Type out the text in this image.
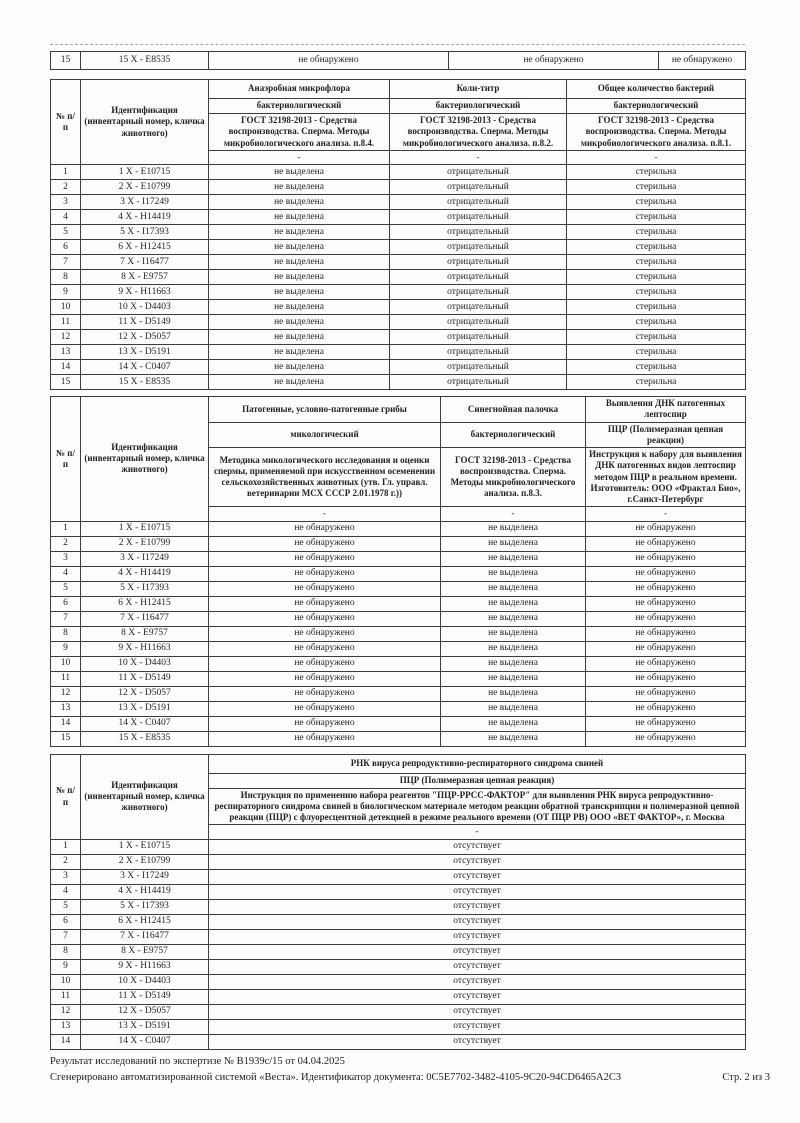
15	15 X - E8535	не обнаружено	не обнаружено	не обнаружено
№ п/п	Идентификация (инвентарный номер, кличка животного)	Анаэробная микрофлора	Коли-титр	Общее количество бактерий
		бактериологический	бактериологический	бактериологический
		ГОСТ 32198-2013 - Средства воспроизводства. Сперма. Методы микробиологического анализа. п.8.4.	ГОСТ 32198-2013 - Средства воспроизводства. Сперма. Методы микробиологического анализа. п.8.2.	ГОСТ 32198-2013 - Средства воспроизводства. Сперма. Методы микробиологического анализа. п.8.1.
		-	-	-
1	1 X - E10715	не выделена	отрицательный	стерильна
2	2 X - E10799	не выделена	отрицательный	стерильна
3	3 X - I17249	не выделена	отрицательный	стерильна
4	4 X - H14419	не выделена	отрицательный	стерильна
5	5 X - I17393	не выделена	отрицательный	стерильна
6	6 X - H12415	не выделена	отрицательный	стерильна
7	7 X - I16477	не выделена	отрицательный	стерильна
8	8 X - E9757	не выделена	отрицательный	стерильна
9	9 X - H11663	не выделена	отрицательный	стерильна
10	10 X - D4403	не выделена	отрицательный	стерильна
11	11 X - D5149	не выделена	отрицательный	стерильна
12	12 X - D5057	не выделена	отрицательный	стерильна
13	13 X - D5191	не выделена	отрицательный	стерильна
14	14 X - C0407	не выделена	отрицательный	стерильна
15	15 X - E8535	не выделена	отрицательный	стерильна
№ п/п	Идентификация (инвентарный номер, кличка животного)	Патогенные, условно-патогенные грибы	Синегнойная палочка	Выявления ДНК патогенных лептоспир
		микологический	бактериологический	ПЦР (Полимеразная цепная реакция)
		Методика микологического исследования и оценки спермы, применяемой при искусственном осеменении сельскохозяйственных животных (утв. Гл. управл. ветеринарии МСХ СССР 2.01.1978 г.))	ГОСТ 32198-2013 - Средства воспроизводства. Сперма. Методы микробиологического анализа. п.8.3.	Инструкция к набору для выявления ДНК патогенных видов лептоспир методом ПЦР в реальном времени. Изготовитель: ООО «Фрактал Био», г.Санкт-Петербург
		-	-	-
1	1 X - E10715	не обнаружено	не выделена	не обнаружено
2	2 X - E10799	не обнаружено	не выделена	не обнаружено
3	3 X - I17249	не обнаружено	не выделена	не обнаружено
4	4 X - H14419	не обнаружено	не выделена	не обнаружено
5	5 X - I17393	не обнаружено	не выделена	не обнаружено
6	6 X - H12415	не обнаружено	не выделена	не обнаружено
7	7 X - I16477	не обнаружено	не выделена	не обнаружено
8	8 X - E9757	не обнаружено	не выделена	не обнаружено
9	9 X - H11663	не обнаружено	не выделена	не обнаружено
10	10 X - D4403	не обнаружено	не выделена	не обнаружено
11	11 X - D5149	не обнаружено	не выделена	не обнаружено
12	12 X - D5057	не обнаружено	не выделена	не обнаружено
13	13 X - D5191	не обнаружено	не выделена	не обнаружено
14	14 X - C0407	не обнаружено	не выделена	не обнаружено
15	15 X - E8535	не обнаружено	не выделена	не обнаружено
№ п/п	Идентификация (инвентарный номер, кличка животного)	РНК вируса репродуктивно-респираторного синдрома свиней
		ПЦР (Полимеразная цепная реакция)
		Инструкция по применению набора реагентов "ПЦР-РРСС-ФАКТОР" для выявления РНК вируса репродуктивно-респираторного синдрома свиней в биологическом материале методом реакции обратной транскрипции и полимеразной цепной реакции (ПЦР) с флуоресцентной детекцией в режиме реального времени (ОТ ПЦР РВ) ООО «ВЕТ ФАКТОР», г. Москва
		-
1	1 X - E10715	отсутствует
2	2 X - E10799	отсутствует
3	3 X - I17249	отсутствует
4	4 X - H14419	отсутствует
5	5 X - I17393	отсутствует
6	6 X - H12415	отсутствует
7	7 X - I16477	отсутствует
8	8 X - E9757	отсутствует
9	9 X - H11663	отсутствует
10	10 X - D4403	отсутствует
11	11 X - D5149	отсутствует
12	12 X - D5057	отсутствует
13	13 X - D5191	отсутствует
14	14 X - C0407	отсутствует
Результат исследований по экспертизе № В1939с/15 от 04.04.2025
Сгенерировано автоматизированной системой «Веста». Идентификатор документа: 0C5E7702-3482-4105-9C20-94CD6465A2C3	Стр. 2 из 3
